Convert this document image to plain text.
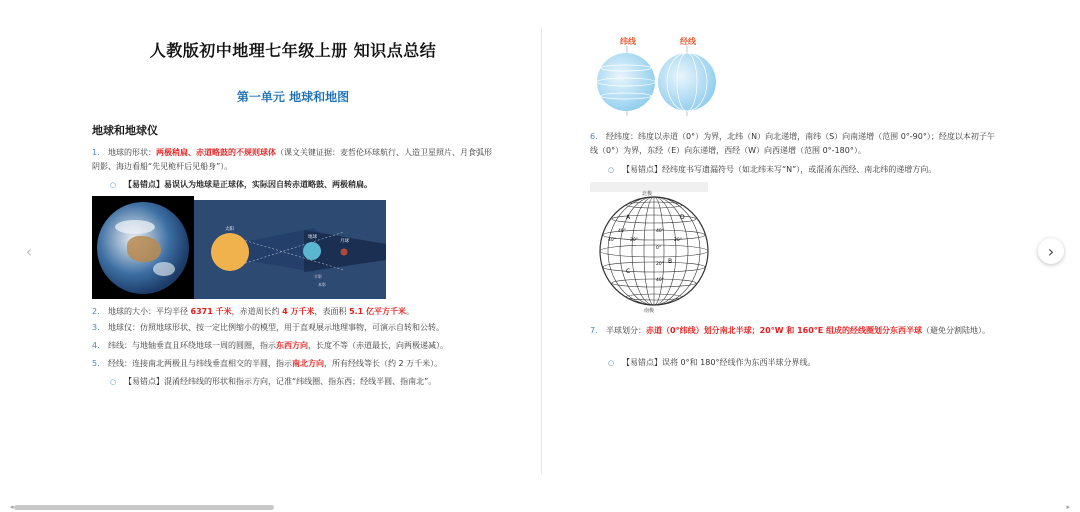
人教版初中地理七年级上册 知识点总结
第一单元 地球和地图
地球和地球仪
1. 地球的形状：两极稍扁、赤道略鼓的不规则球体（课文关键证据：麦哲伦环球航行、人造卫星照片、月食弧形阴影、海边看船“先见桅杆后见船身”）。
○ 【易错点】易误认为地球是正球体，实际因自转赤道略鼓、两极稍扁。
太阳
地球
月球
半影
本影
2. 地球的大小：平均半径 6371 千米，赤道周长约 4 万千米，表面积 5.1 亿平方千米。
3. 地球仪：仿照地球形状、按一定比例缩小的模型，用于直观展示地理事物，可演示自转和公转。
4. 纬线：与地轴垂直且环绕地球一周的圆圈，指示东西方向，长度不等（赤道最长，向两极递减）。
5. 经线：连接南北两极且与纬线垂直相交的半圆，指示南北方向，所有经线等长（约 2 万千米）。
○ 【易错点】混淆经纬线的形状和指示方向，记准“纬线圈、指东西；经线半圆、指南北”。
纬线	经线
6. 经纬度：纬度以赤道（0°）为界，北纬（N）向北递增，南纬（S）向南递增（范围 0°-90°）；经度以本初子午线（0°）为界，东经（E）向东递增，西经（W）向西递增（范围 0°-180°）。
○ 【易错点】经纬度书写遗漏符号（如北纬未写“N”），或混淆东西经、南北纬的递增方向。
北极
40°	40°
0°
20°
40°
20°
40°	20°
A
B
C
D
南极
7. 半球划分：赤道（0°纬线）划分南北半球；20°W 和 160°E 组成的经线圈划分东西半球（避免分割陆地）。
○ 【易错点】误将 0°和 180°经线作为东西半球分界线。
‹	›
◂	▸
